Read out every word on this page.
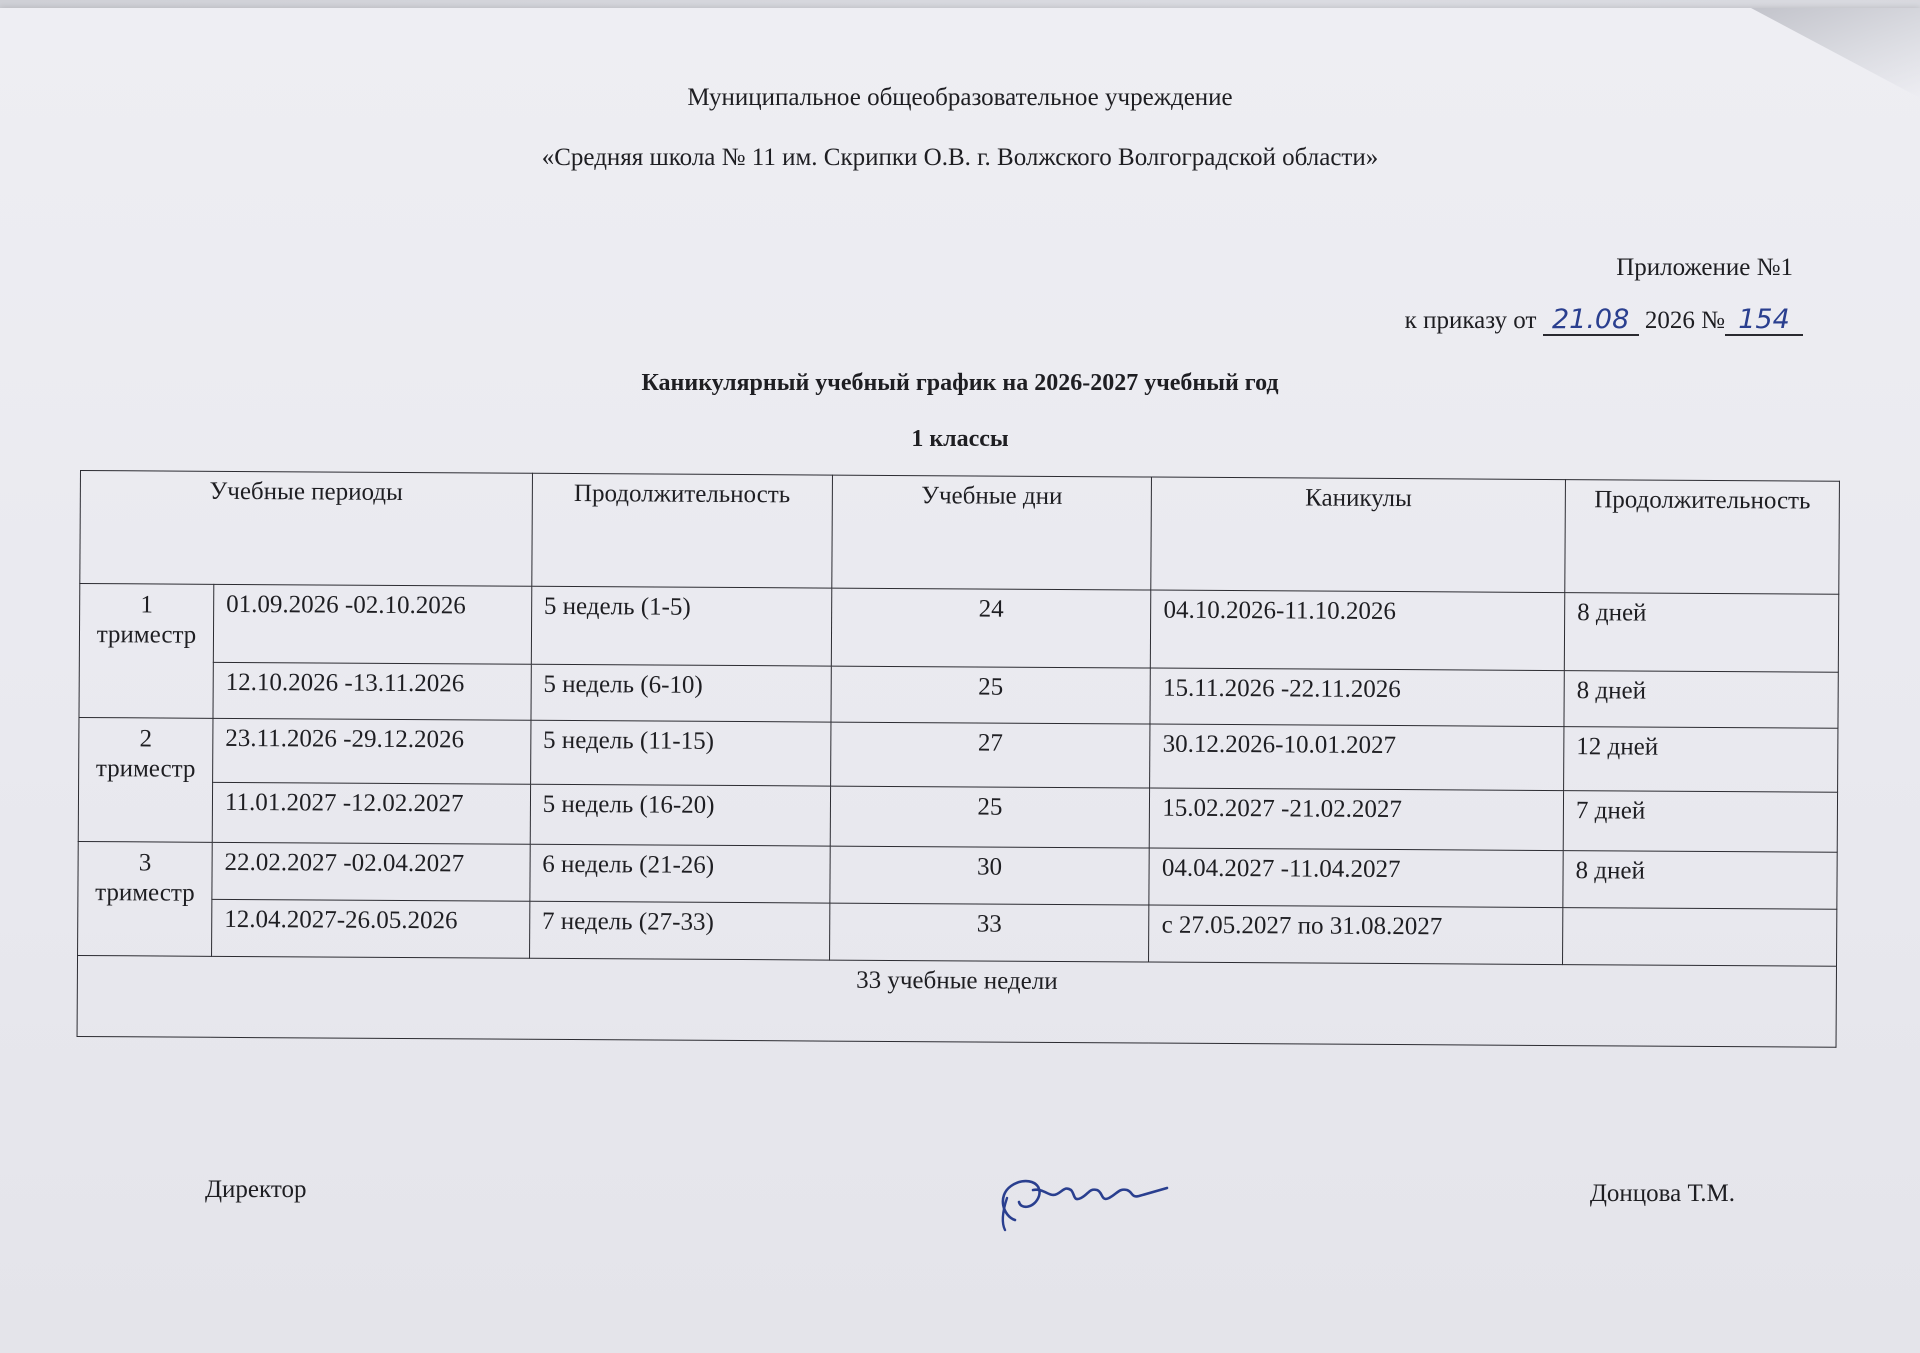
Муниципальное общеобразовательное учреждение
«Средняя школа № 11 им. Скрипки О.В. г. Волжского Волгоградской области»
Приложение №1
к приказу от 21.08 2026 № 154
Каникулярный учебный график на 2026-2027 учебный год
1 классы
Учебные периоды		Продолжительность	Учебные дни	Каникулы	Продолжительность
1
триместр	01.09.2026 -02.10.2026	5 недель (1-5)	24	04.10.2026-11.10.2026	8 дней
	12.10.2026 -13.11.2026	5 недель (6-10)	25	15.11.2026 -22.11.2026	8 дней
2
триместр	23.11.2026 -29.12.2026	5 недель (11-15)	27	30.12.2026-10.01.2027	12 дней
	11.01.2027 -12.02.2027	5 недель (16-20)	25	15.02.2027 -21.02.2027	7 дней
3
триместр	22.02.2027 -02.04.2027	6 недель (21-26)	30	04.04.2027 -11.04.2027	8 дней
	12.04.2027-26.05.2026	7 недель (27-33)	33	с 27.05.2027 по 31.08.2027	
33 учебные недели					
Директор	Донцова Т.М.
